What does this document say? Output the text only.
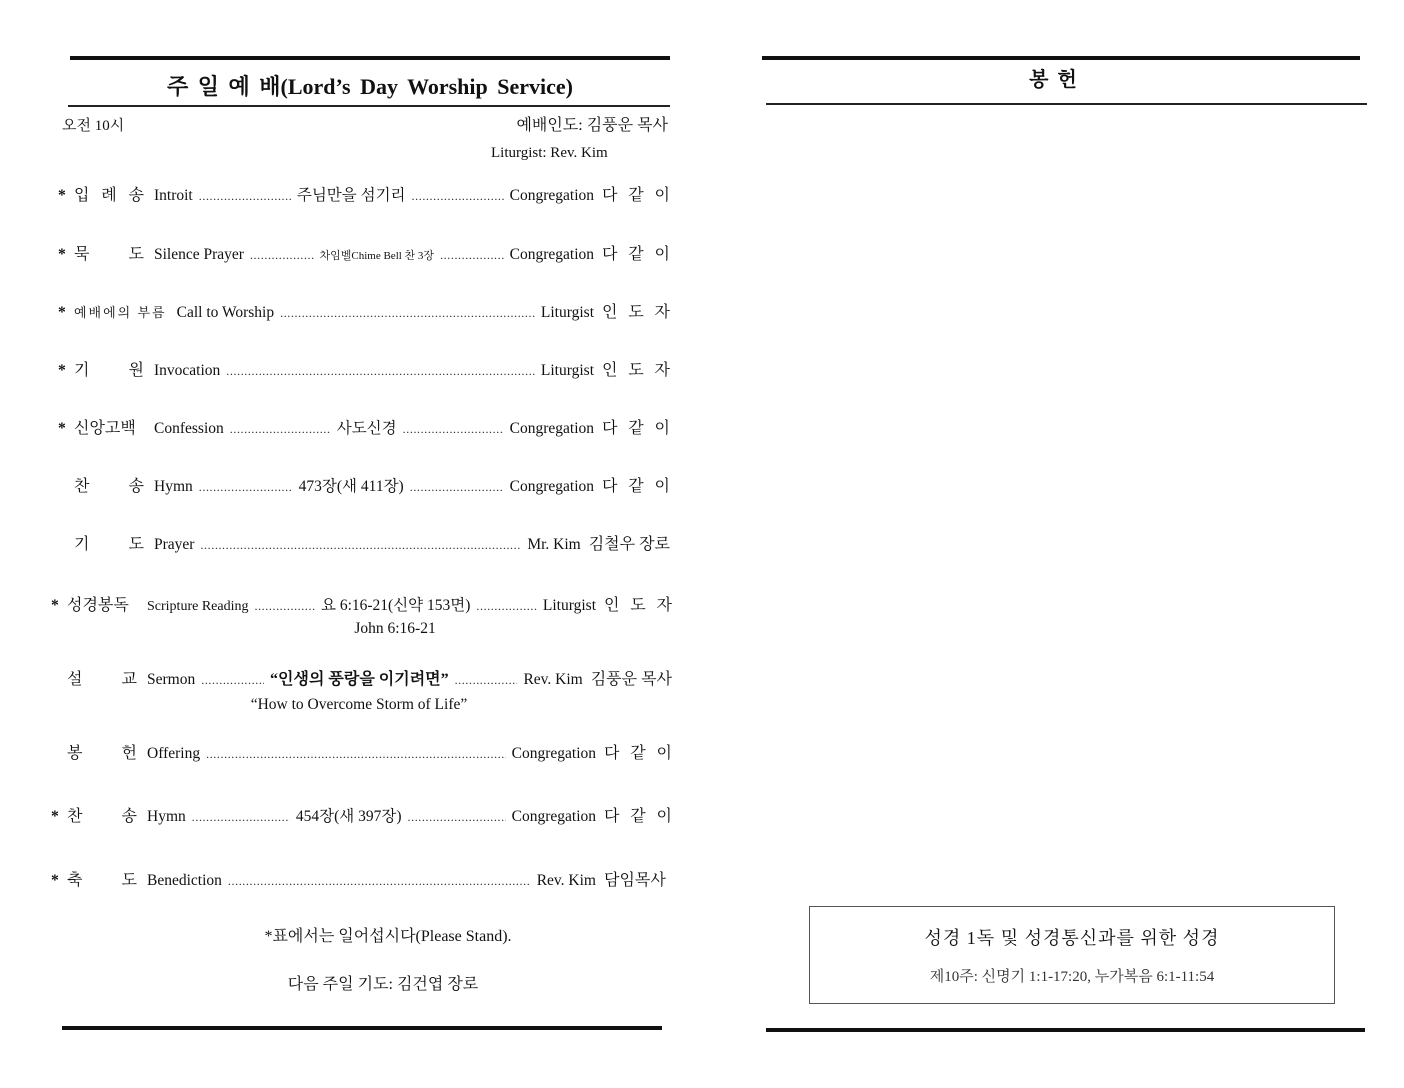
주 일 예 배(Lord’s Day Worship Service)
오전 10시	예배인도: 김풍운 목사
Liturgist: Rev. Kim
* 입 례 송 Introit .....	주님만을 섬기리 .....	Congregation 다 같 이
* 묵 도 Silence Prayer .....	차임벨Chime Bell 찬 3장 .....	Congregation 다 같 이
* 예배에의 부름 Call to Worship .....	Liturgist 인 도 자
* 기 원 Invocation .....	Liturgist 인 도 자
* 신앙고백	Confession .....	사도신경 .....	Congregation 다 같 이
찬 송 Hymn .....	473장(새 411장) .....	Congregation 다 같 이
기 도 Prayer .....	Mr. Kim 김철우 장로
* 성경봉독	Scripture Reading .....	요 6:16-21(신약 153면) .....	Liturgist 인 도 자
John 6:16-21
설 교 Sermon .....	“인생의 풍랑을 이기려면” .....	Rev. Kim 김풍운 목사
“How to Overcome Storm of Life”
봉 헌 Offering .....	Congregation 다 같 이
* 찬 송 Hymn .....	454장(새 397장) .....	Congregation 다 같 이
* 축 도 Benediction .....	Rev. Kim 담임목사
*표에서는 일어섭시다(Please Stand).
다음 주일 기도: 김건엽 장로
봉 헌
성경 1독 및 성경통신과를 위한 성경
제10주: 신명기 1:1-17:20, 누가복음 6:1-11:54
